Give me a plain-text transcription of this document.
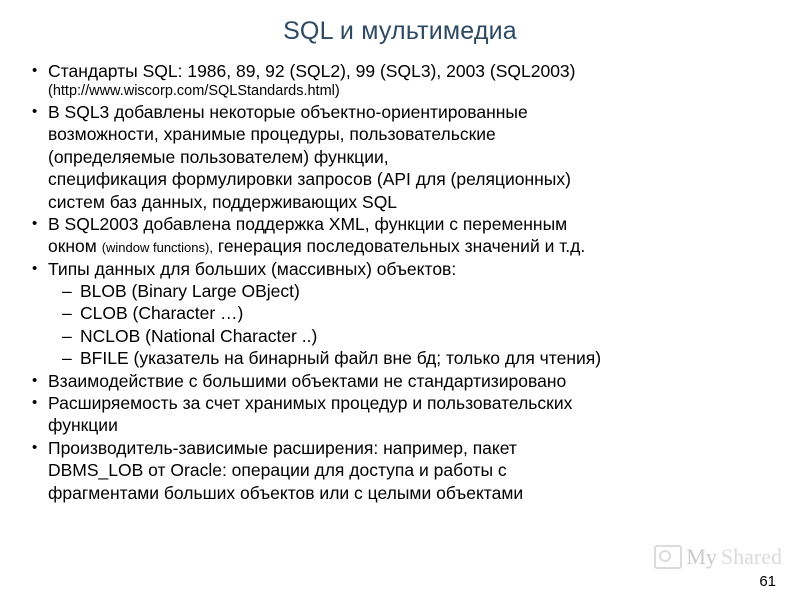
SQL и мультимедиа
• Стандарты SQL: 1986, 89, 92 (SQL2), 99 (SQL3), 2003 (SQL2003)
(http://www.wiscorp.com/SQLStandards.html)
• В SQL3 добавлены некоторые объектно-ориентированные
возможности, хранимые процедуры, пользовательские
(определяемые пользователем) функции,
спецификация формулировки запросов (API для (реляционных)
систем баз данных, поддерживающих SQL
• В SQL2003 добавлена поддержка XML, функции с переменным
окном (window functions), генерация последовательных значений и т.д.
• Типы данных для больших (массивных) объектов:
– BLOB (Binary Large OBject)
– CLOB (Character …)
– NCLOB (National Character ..)
– BFILE (указатель на бинарный файл вне бд; только для чтения)
• Взаимодействие с большими объектами не стандартизировано
• Расширяемость за счет хранимых процедур и пользовательских
функции
• Производитель-зависимые расширения: например, пакет
DBMS_LOB от Oracle: операции для доступа и работы с
фрагментами больших объектов или с целыми объектами
My Shared
61
